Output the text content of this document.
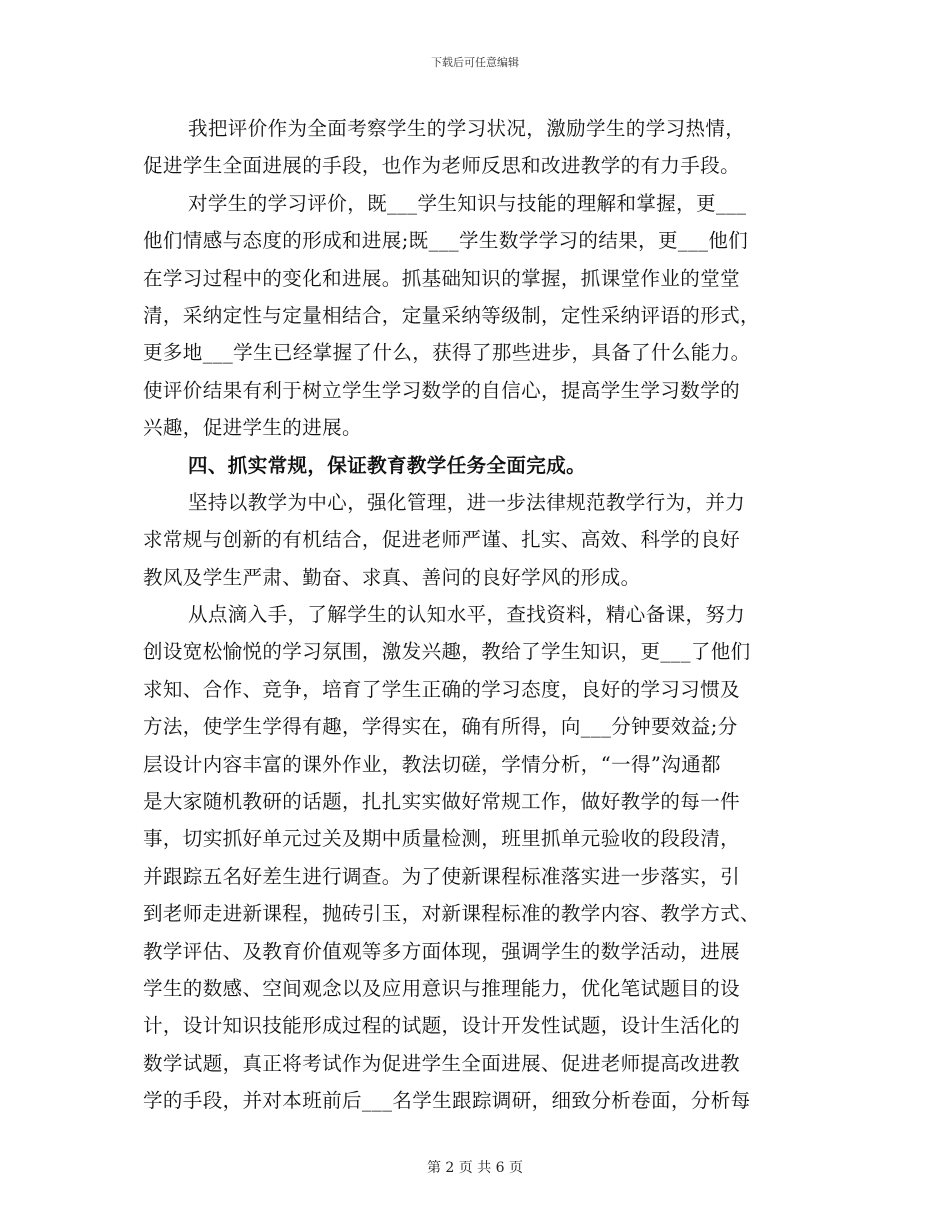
下载后可任意编辑
我把评价作为全面考察学生的学习状况，激励学生的学习热情，
促进学生全面进展的手段，也作为老师反思和改进教学的有力手段。
对学生的学习评价，既___学生知识与技能的理解和掌握，更___
他们情感与态度的形成和进展;既___学生数学学习的结果，更___他们
在学习过程中的变化和进展。抓基础知识的掌握，抓课堂作业的堂堂
清，采纳定性与定量相结合，定量采纳等级制，定性采纳评语的形式，
更多地___学生已经掌握了什么，获得了那些进步，具备了什么能力。
使评价结果有利于树立学生学习数学的自信心，提高学生学习数学的
兴趣，促进学生的进展。
四、抓实常规，保证教育教学任务全面完成。
坚持以教学为中心，强化管理，进一步法律规范教学行为，并力
求常规与创新的有机结合，促进老师严谨、扎实、高效、科学的良好
教风及学生严肃、勤奋、求真、善问的良好学风的形成。
从点滴入手，了解学生的认知水平，查找资料，精心备课，努力
创设宽松愉悦的学习氛围，激发兴趣，教给了学生知识，更___了他们
求知、合作、竞争，培育了学生正确的学习态度，良好的学习习惯及
方法，使学生学得有趣，学得实在，确有所得，向___分钟要效益;分
层设计内容丰富的课外作业，教法切磋，学情分析，“一得”沟通都
是大家随机教研的话题，扎扎实实做好常规工作，做好教学的每一件
事，切实抓好单元过关及期中质量检测，班里抓单元验收的段段清，
并跟踪五名好差生进行调查。为了使新课程标准落实进一步落实，引
到老师走进新课程，抛砖引玉，对新课程标准的教学内容、教学方式、
教学评估、及教育价值观等多方面体现，强调学生的数学活动，进展
学生的数感、空间观念以及应用意识与推理能力，优化笔试题目的设
计，设计知识技能形成过程的试题，设计开发性试题，设计生活化的
数学试题，真正将考试作为促进学生全面进展、促进老师提高改进教
学的手段，并对本班前后___名学生跟踪调研，细致分析卷面，分析每
第 2 页 共 6 页
